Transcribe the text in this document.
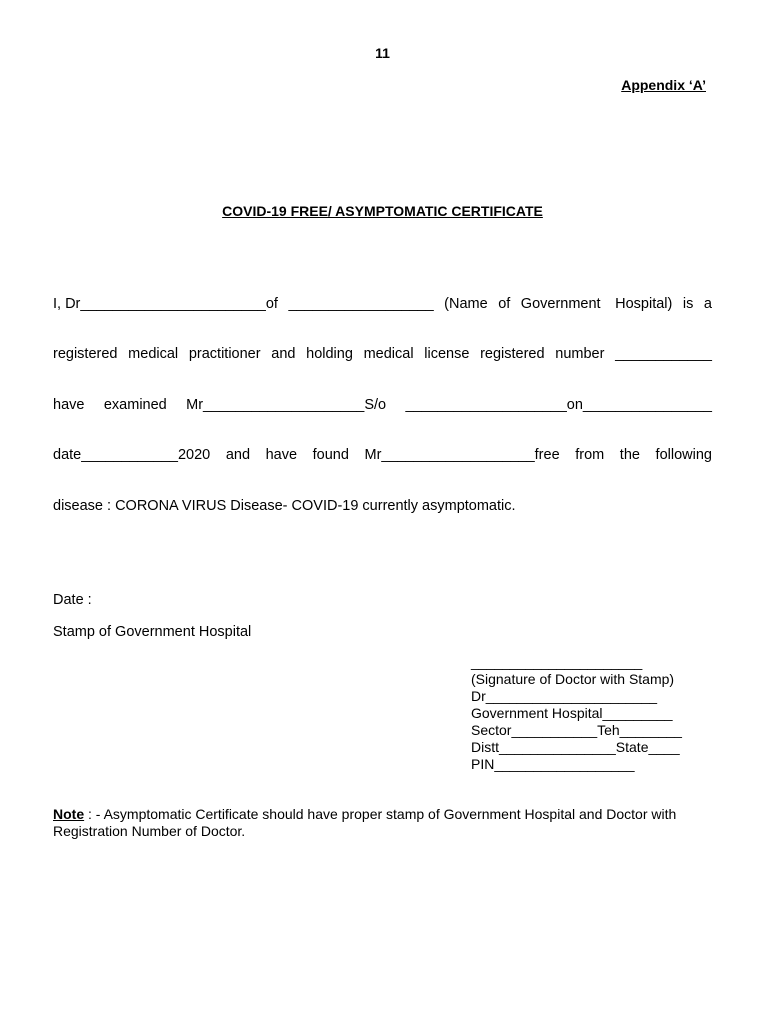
11
Appendix ‘A’
COVID-19 FREE/ ASYMPTOMATIC CERTIFICATE
I, Dr_______________________of __________________ (Name of Government Hospital) is a
registered medical practitioner and holding medical license registered number ____________
have examined Mr____________________S/o ____________________on________________
date____________2020 and have found Mr___________________free from the following
disease : CORONA VIRUS Disease- COVID-19 currently asymptomatic.
Date :
Stamp of Government Hospital
______________________
(Signature of Doctor with Stamp)
Dr______________________
Government Hospital_________
Sector___________Teh________
Distt_______________State____
PIN__________________
Note : - Asymptomatic Certificate should have proper stamp of Government Hospital and Doctor with Registration Number of Doctor.
